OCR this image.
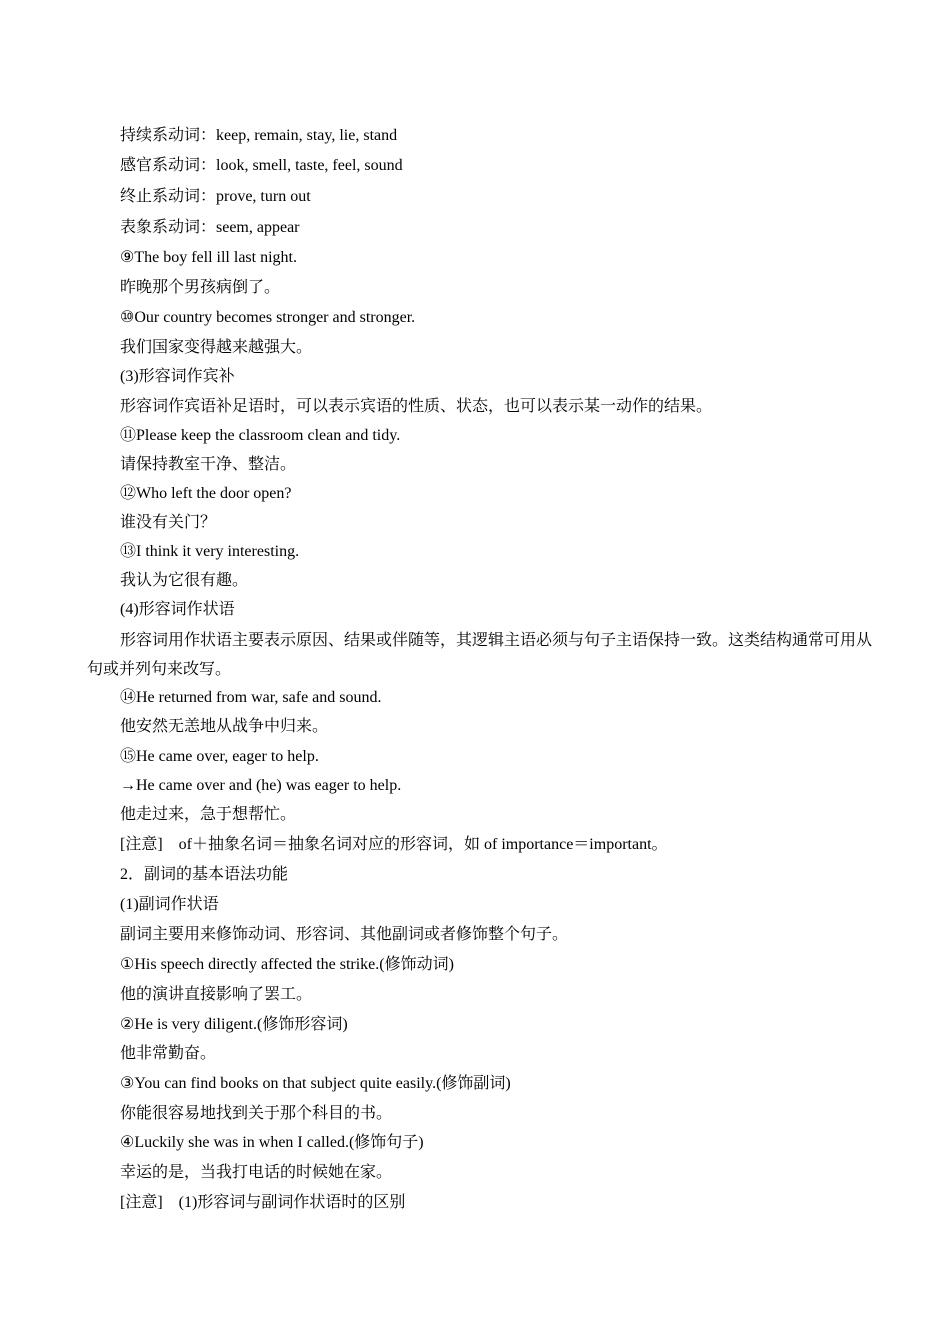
持续系动词：keep, remain, stay, lie, stand
感官系动词：look, smell, taste, feel, sound
终止系动词：prove, turn out
表象系动词：seem, appear
⑨The boy fell ill last night.
昨晚那个男孩病倒了。
⑩Our country becomes stronger and stronger.
我们国家变得越来越强大。
(3)形容词作宾补
形容词作宾语补足语时，可以表示宾语的性质、状态，也可以表示某一动作的结果。
⑪Please keep the classroom clean and tidy.
请保持教室干净、整洁。
⑫Who left the door open?
谁没有关门？
⑬I think it very interesting.
我认为它很有趣。
(4)形容词作状语
形容词用作状语主要表示原因、结果或伴随等，其逻辑主语必须与句子主语保持一致。这类结构通常可用从句或并列句来改写。
⑭He returned from war, safe and sound.
他安然无恙地从战争中归来。
⑮He came over, eager to help.
→He came over and (he) was eager to help.
他走过来，急于想帮忙。
[注意] of＋抽象名词＝抽象名词对应的形容词，如 of importance＝important。
2．副词的基本语法功能
(1)副词作状语
副词主要用来修饰动词、形容词、其他副词或者修饰整个句子。
①His speech directly affected the strike.(修饰动词)
他的演讲直接影响了罢工。
②He is very diligent.(修饰形容词)
他非常勤奋。
③You can find books on that subject quite easily.(修饰副词)
你能很容易地找到关于那个科目的书。
④Luckily she was in when I called.(修饰句子)
幸运的是，当我打电话的时候她在家。
[注意] (1)形容词与副词作状语时的区别
